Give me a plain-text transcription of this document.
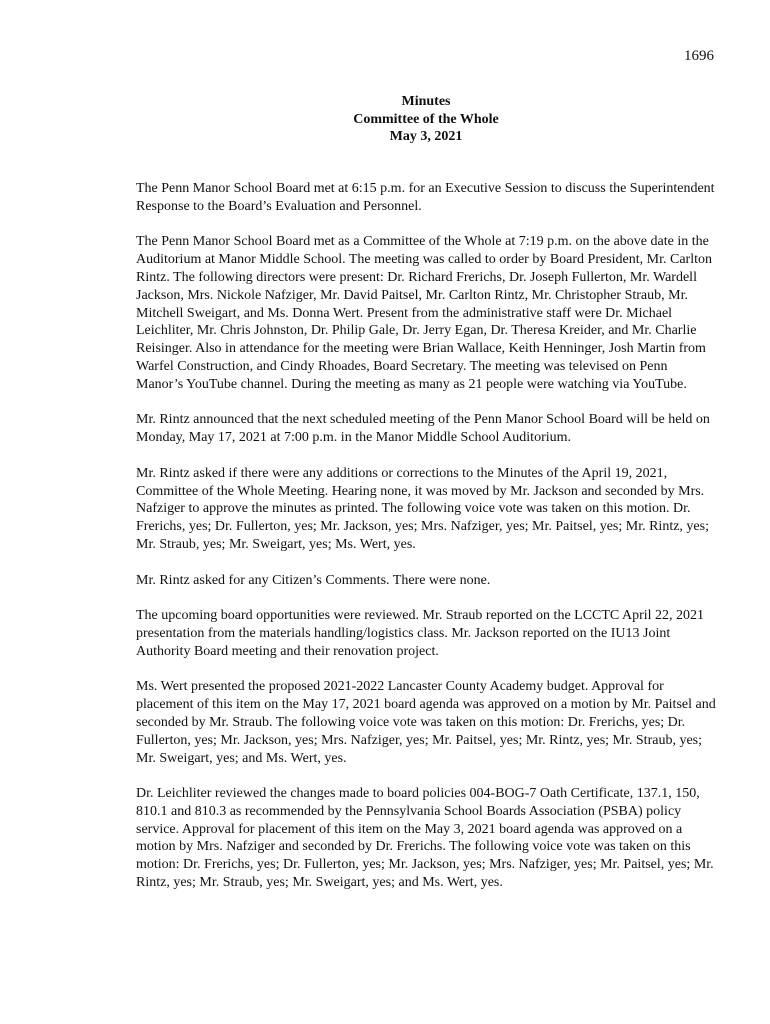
1696
Minutes
Committee of the Whole
May 3, 2021

The Penn Manor School Board met at 6:15 p.m. for an Executive Session to discuss the Superintendent Response to the Board’s Evaluation and Personnel.

The Penn Manor School Board met as a Committee of the Whole at 7:19 p.m. on the above date in the Auditorium at Manor Middle School. The meeting was called to order by Board President, Mr. Carlton Rintz. The following directors were present: Dr. Richard Frerichs, Dr. Joseph Fullerton, Mr. Wardell Jackson, Mrs. Nickole Nafziger, Mr. David Paitsel, Mr. Carlton Rintz, Mr. Christopher Straub, Mr. Mitchell Sweigart, and Ms. Donna Wert. Present from the administrative staff were Dr. Michael Leichliter, Mr. Chris Johnston, Dr. Philip Gale, Dr. Jerry Egan, Dr. Theresa Kreider, and Mr. Charlie Reisinger. Also in attendance for the meeting were Brian Wallace, Keith Henninger, Josh Martin from Warfel Construction, and Cindy Rhoades, Board Secretary. The meeting was televised on Penn Manor’s YouTube channel. During the meeting as many as 21 people were watching via YouTube.

Mr. Rintz announced that the next scheduled meeting of the Penn Manor School Board will be held on Monday, May 17, 2021 at 7:00 p.m. in the Manor Middle School Auditorium.

Mr. Rintz asked if there were any additions or corrections to the Minutes of the April 19, 2021, Committee of the Whole Meeting. Hearing none, it was moved by Mr. Jackson and seconded by Mrs. Nafziger to approve the minutes as printed. The following voice vote was taken on this motion. Dr. Frerichs, yes; Dr. Fullerton, yes; Mr. Jackson, yes; Mrs. Nafziger, yes; Mr. Paitsel, yes; Mr. Rintz, yes; Mr. Straub, yes; Mr. Sweigart, yes; Ms. Wert, yes.

Mr. Rintz asked for any Citizen’s Comments. There were none.

The upcoming board opportunities were reviewed. Mr. Straub reported on the LCCTC April 22, 2021 presentation from the materials handling/logistics class. Mr. Jackson reported on the IU13 Joint Authority Board meeting and their renovation project.

Ms. Wert presented the proposed 2021-2022 Lancaster County Academy budget. Approval for placement of this item on the May 17, 2021 board agenda was approved on a motion by Mr. Paitsel and seconded by Mr. Straub. The following voice vote was taken on this motion: Dr. Frerichs, yes; Dr. Fullerton, yes; Mr. Jackson, yes; Mrs. Nafziger, yes; Mr. Paitsel, yes; Mr. Rintz, yes; Mr. Straub, yes; Mr. Sweigart, yes; and Ms. Wert, yes.

Dr. Leichliter reviewed the changes made to board policies 004-BOG-7 Oath Certificate, 137.1, 150, 810.1 and 810.3 as recommended by the Pennsylvania School Boards Association (PSBA) policy service. Approval for placement of this item on the May 3, 2021 board agenda was approved on a motion by Mrs. Nafziger and seconded by Dr. Frerichs. The following voice vote was taken on this motion: Dr. Frerichs, yes; Dr. Fullerton, yes; Mr. Jackson, yes; Mrs. Nafziger, yes; Mr. Paitsel, yes; Mr. Rintz, yes; Mr. Straub, yes; Mr. Sweigart, yes; and Ms. Wert, yes.
